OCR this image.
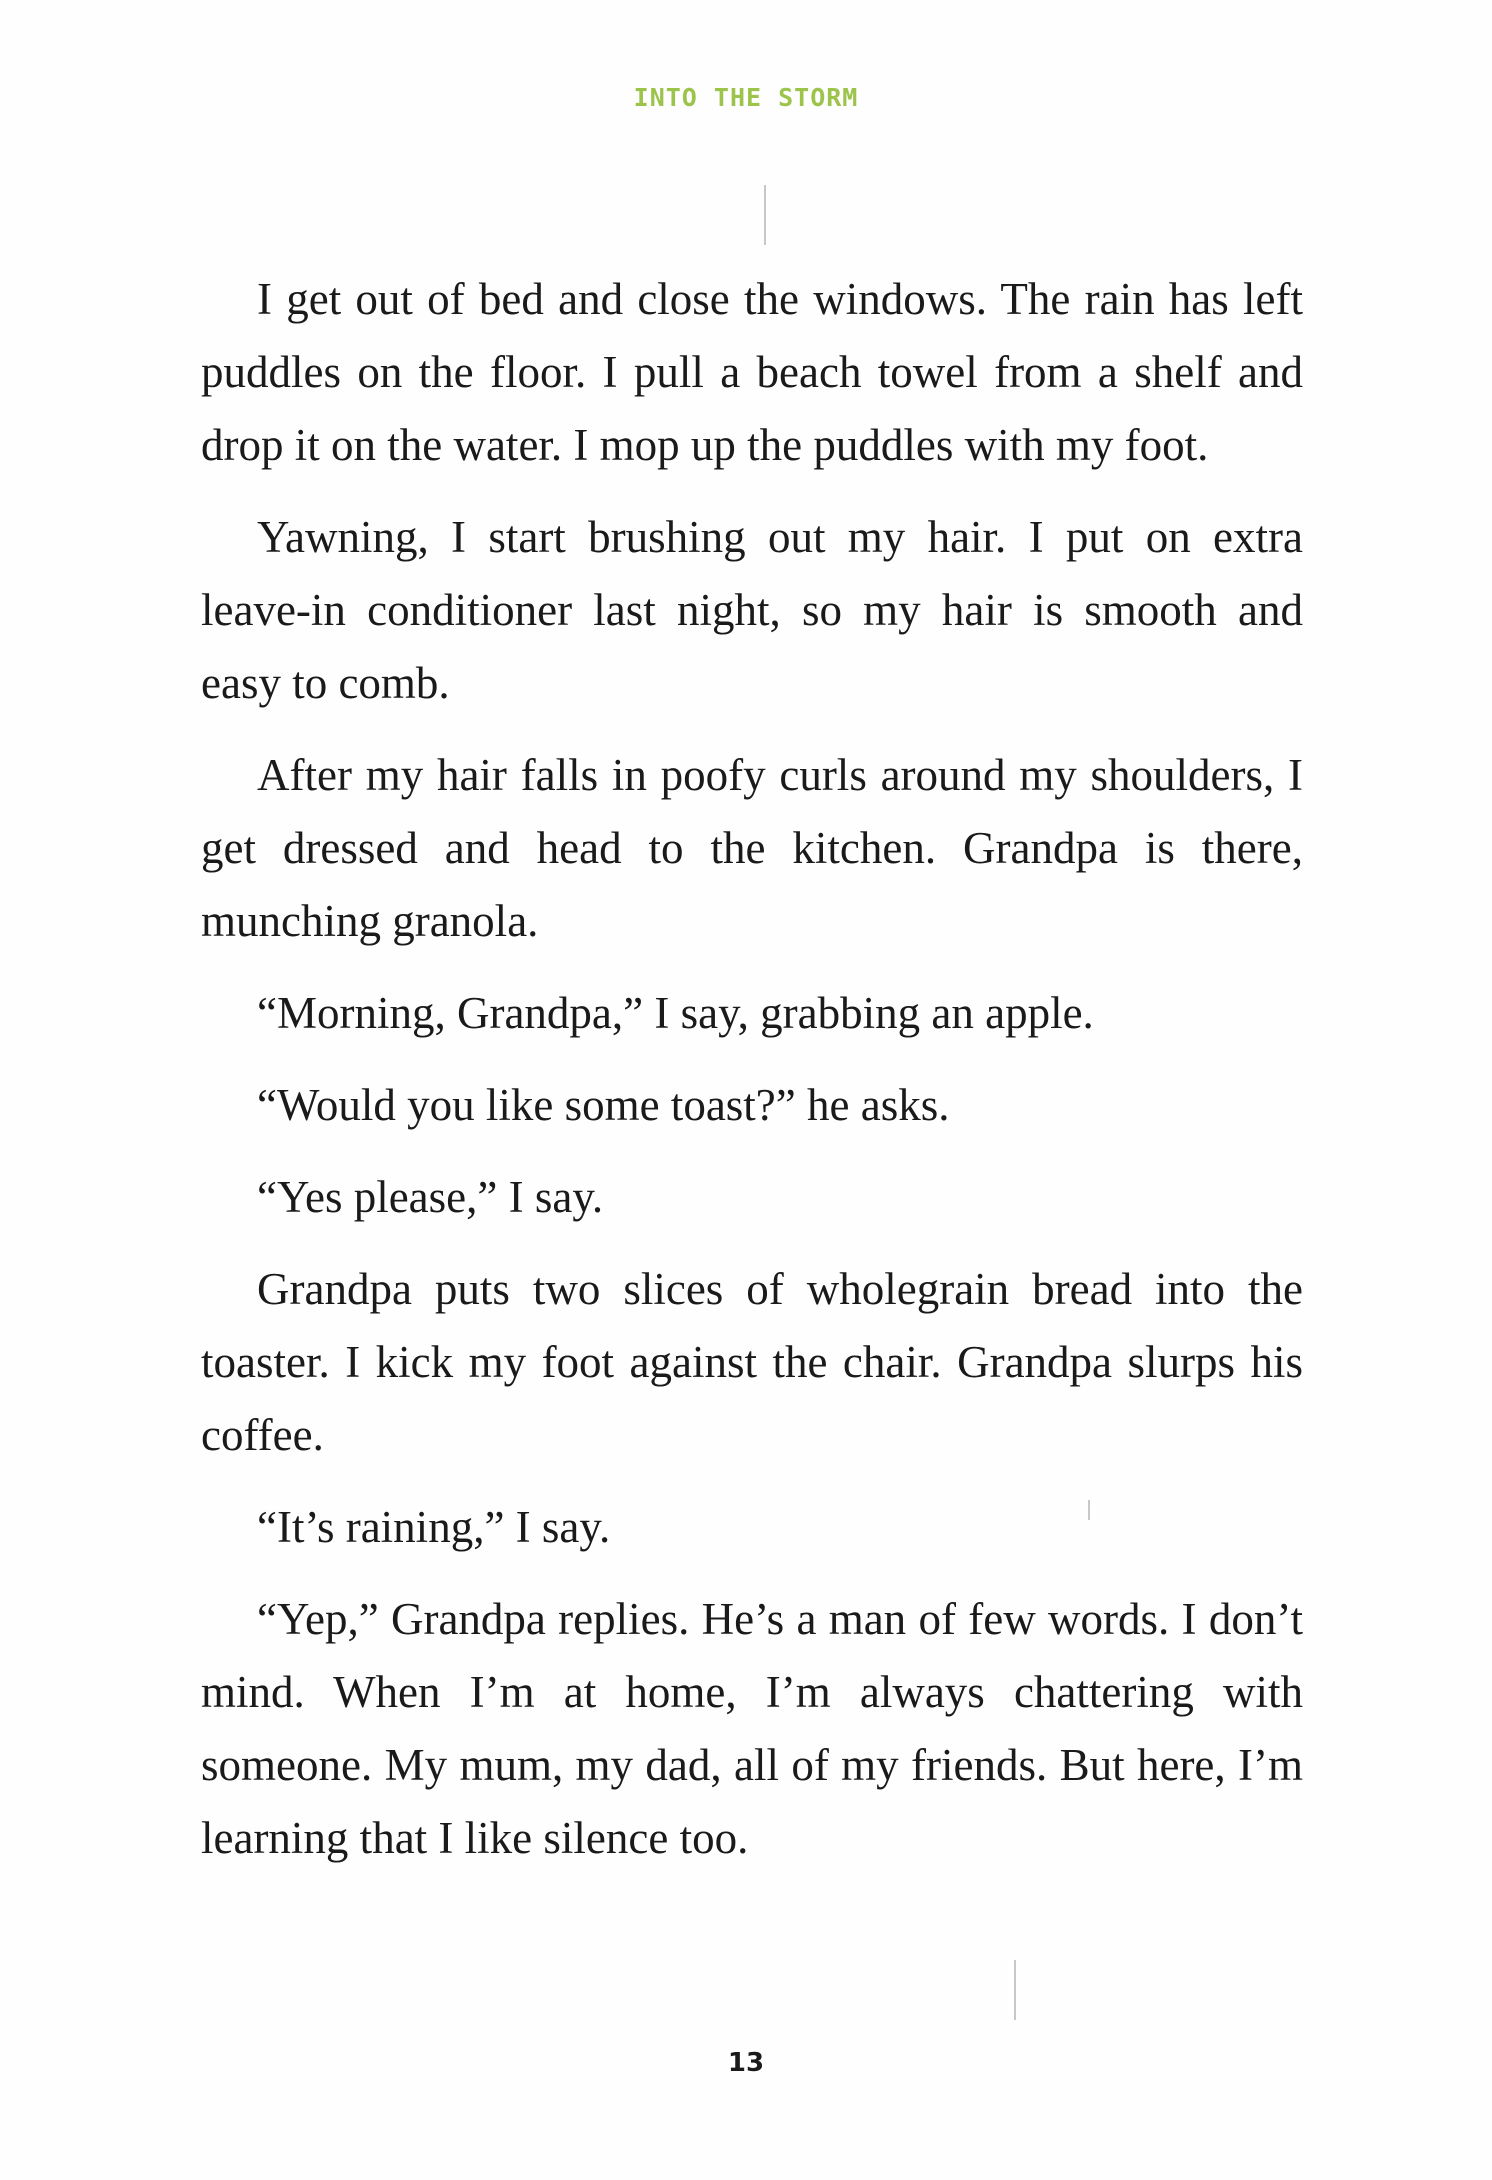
INTO THE STORM

I get out of bed and close the windows. The rain has left puddles on the floor. I pull a beach towel from a shelf and drop it on the water. I mop up the puddles with my foot.

Yawning, I start brushing out my hair. I put on extra leave-in conditioner last night, so my hair is smooth and easy to comb.

After my hair falls in poofy curls around my shoulders, I get dressed and head to the kitchen. Grandpa is there, munching granola.

“Morning, Grandpa,” I say, grabbing an apple.

“Would you like some toast?” he asks.

“Yes please,” I say.

Grandpa puts two slices of wholegrain bread into the toaster. I kick my foot against the chair. Grandpa slurps his coffee.

“It’s raining,” I say.

“Yep,” Grandpa replies. He’s a man of few words. I don’t mind. When I’m at home, I’m always chattering with someone. My mum, my dad, all of my friends. But here, I’m learning that I like silence too.

13
